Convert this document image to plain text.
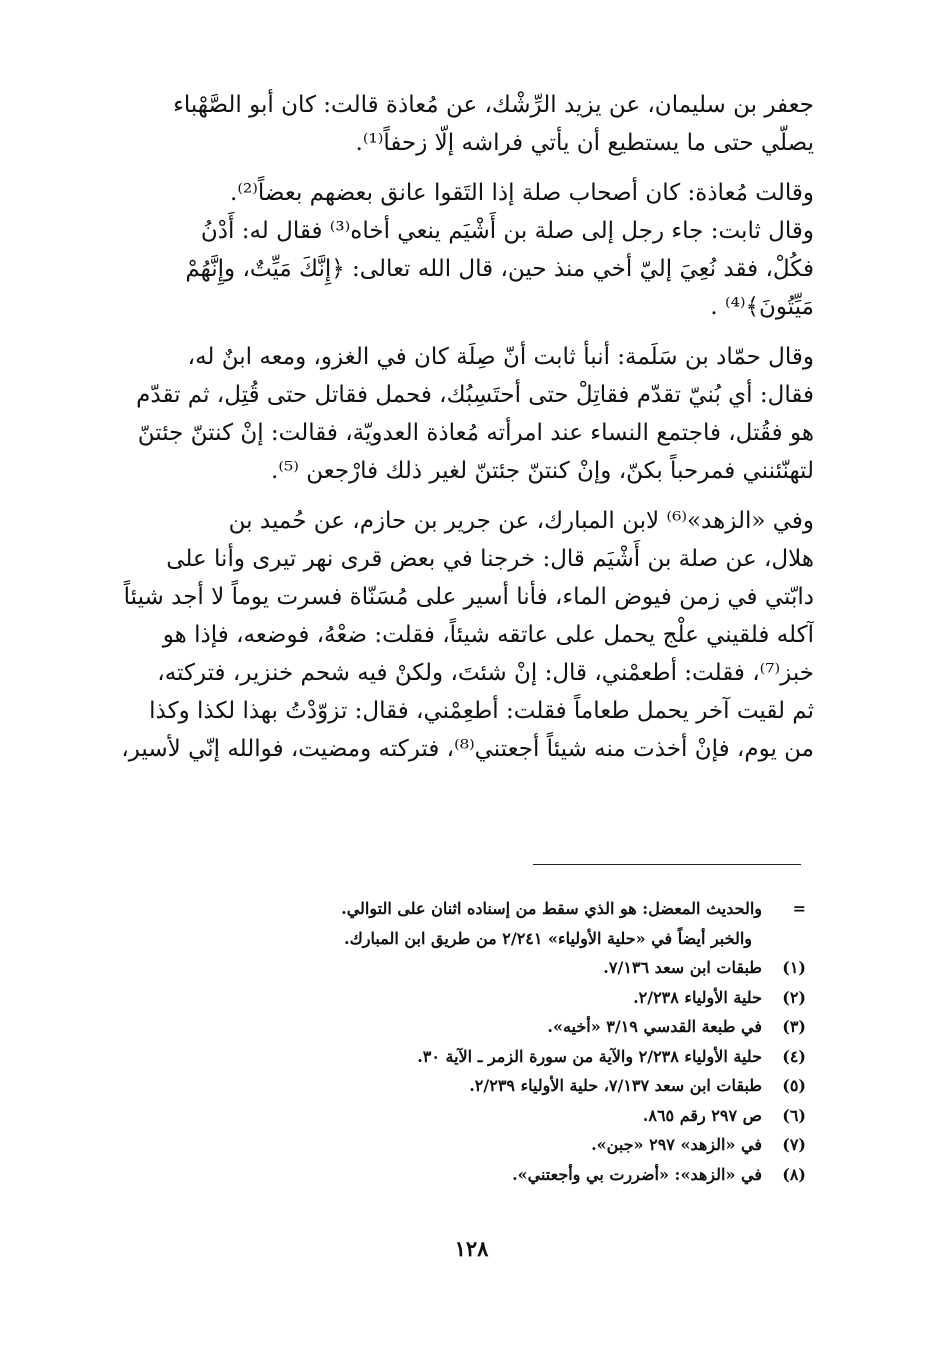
جعفر بن سليمان، عن يزيد الرِّشْك، عن مُعاذة قالت: كان أبو الصَّهْباء
يصلّي حتى ما يستطيع أن يأتي فراشه إلّا زحفاً⁽¹⁾.

وقالت مُعاذة: كان أصحاب صلة إذا التَقوا عانق بعضهم بعضاً⁽²⁾.
وقال ثابت: جاء رجل إلى صلة بن أَشْيَم ينعي أخاه⁽³⁾ فقال له: أَدْنُ
فكُلْ، فقد نُعِيَ إليّ أخي منذ حين، قال الله تعالى: ﴿إِنَّكَ مَيِّتٌ، وإِنَّهُمْ
مَيِّتُونَ﴾⁽⁴⁾ .

وقال حمّاد بن سَلَمة: أنبأ ثابت أنّ صِلَة كان في الغزو، ومعه ابنٌ له،
فقال: أي بُنيّ تقدّم فقاتِلْ حتى أحتَسِبُك، فحمل فقاتل حتى قُتِل، ثم تقدّم
هو فقُتل، فاجتمع النساء عند امرأته مُعاذة العدويّة، فقالت: إنْ كنتنّ جئتنّ
لتهنّئنني فمرحباً بكنّ، وإنْ كنتنّ جئتنّ لغير ذلك فارْجعن ⁽⁵⁾.

وفي «الزهد»⁽⁶⁾ لابن المبارك، عن جرير بن حازم، عن حُميد بن
هلال، عن صلة بن أَشْيَم قال: خرجنا في بعض قرى نهر تيرى وأنا على
دابّتي في زمن فيوض الماء، فأنا أسير على مُسَنّاة فسرت يوماً لا أجد شيئاً
آكله فلقيني علْج يحمل على عاتقه شيئاً، فقلت: ضعْهُ، فوضعه، فإذا هو
خبز⁽⁷⁾، فقلت: أطعمْني، قال: إنْ شئتَ، ولكنْ فيه شحم خنزير، فتركته،
ثم لقيت آخر يحمل طعاماً فقلت: أطعِمْني، فقال: تزوّدْتُ بهذا لكذا وكذا
من يوم، فإنْ أخذت منه شيئاً أجعتني⁽⁸⁾، فتركته ومضيت، فوالله إنّي لأسير،

=والحديث المعضل: هو الذي سقط من إسناده اثنان على التوالي.
والخبر أيضاً في «حلية الأولياء» ٢/٢٤١ من طريق ابن المبارك.
(١)طبقات ابن سعد ٧/١٣٦.
(٢)حلية الأولياء ٢/٢٣٨.
(٣)في طبعة القدسي ٣/١٩ «أخيه».
(٤)حلية الأولياء ٢/٢٣٨ والآية من سورة الزمر ـ الآية ٣٠.
(٥)طبقات ابن سعد ٧/١٣٧، حلية الأولياء ٢/٢٣٩.
(٦)ص ٢٩٧ رقم ٨٦٥.
(٧)في «الزهد» ٢٩٧ «جبن».
(٨)في «الزهد»: «أضررت بي وأجعتني».
١٢٨
